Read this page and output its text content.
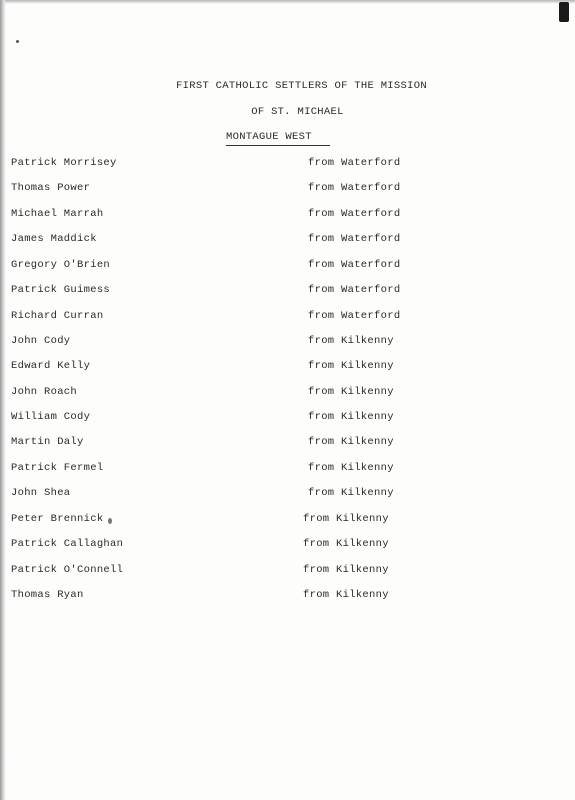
FIRST CATHOLIC SETTLERS OF THE MISSION
OF ST. MICHAEL
MONTAGUE WEST
Patrick Morrisey	from Waterford
Thomas Power	from Waterford
Michael Marrah	from Waterford
James Maddick	from Waterford
Gregory O'Brien	from Waterford
Patrick Guimess	from Waterford
Richard Curran	from Waterford
John Cody	from Kilkenny
Edward Kelly	from Kilkenny
John Roach	from Kilkenny
William Cody	from Kilkenny
Martin Daly	from Kilkenny
Patrick Fermel	from Kilkenny
John Shea	from Kilkenny
Peter Brennick	from Kilkenny
Patrick Callaghan	from Kilkenny
Patrick O'Connell	from Kilkenny
Thomas Ryan	from Kilkenny
